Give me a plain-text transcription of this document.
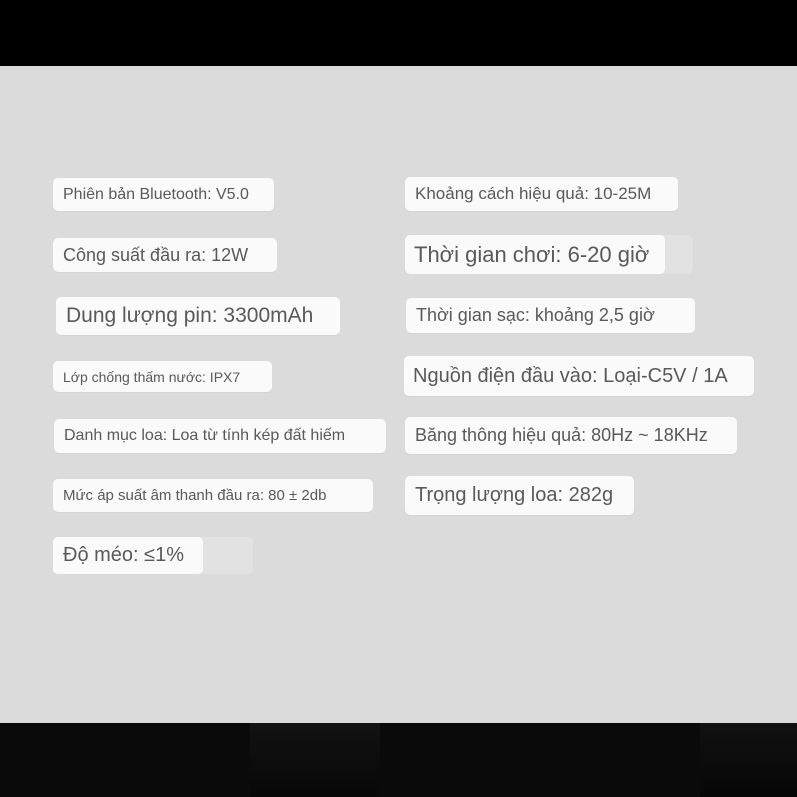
Phiên bản Bluetooth: V5.0
Công suất đầu ra: 12W
Dung lượng pin: 3300mAh
Lớp chống thấm nước: IPX7
Danh mục loa: Loa từ tính kép đất hiếm
Mức áp suất âm thanh đầu ra: 80 ± 2db
Độ méo: ≤1%
Khoảng cách hiệu quả: 10-25M
Thời gian chơi: 6-20 giờ
Thời gian sạc: khoảng 2,5 giờ
Nguồn điện đầu vào: Loại-C5V / 1A
Băng thông hiệu quả: 80Hz ~ 18KHz
Trọng lượng loa: 282g
